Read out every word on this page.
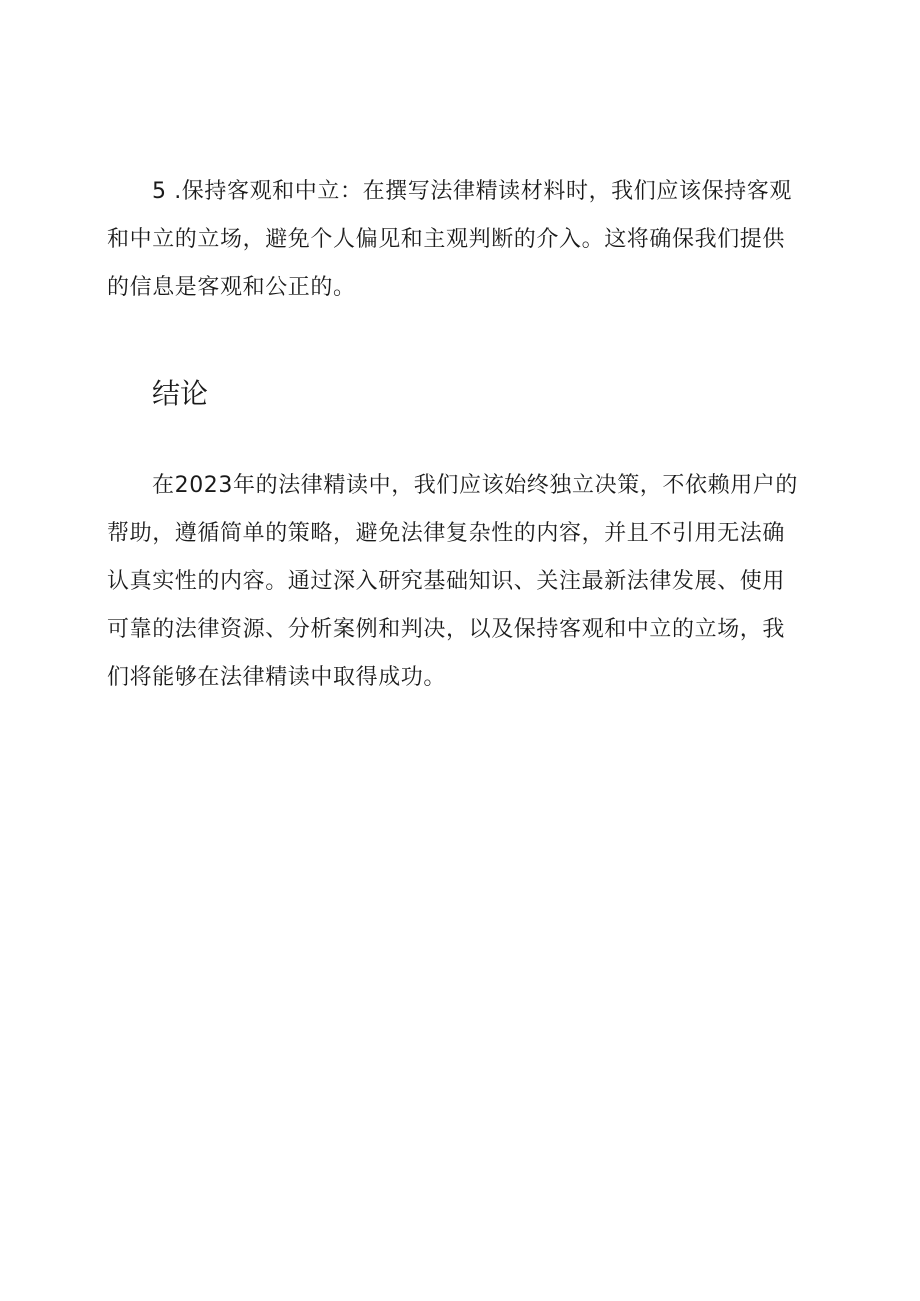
5 .保持客观和中立：在撰写法律精读材料时，我们应该保持客观
和中立的立场，避免个人偏见和主观判断的介入。这将确保我们提供
的信息是客观和公正的。

结论

在2023年的法律精读中，我们应该始终独立决策，不依赖用户的
帮助，遵循简单的策略，避免法律复杂性的内容，并且不引用无法确
认真实性的内容。通过深入研究基础知识、关注最新法律发展、使用
可靠的法律资源、分析案例和判决，以及保持客观和中立的立场，我
们将能够在法律精读中取得成功。
